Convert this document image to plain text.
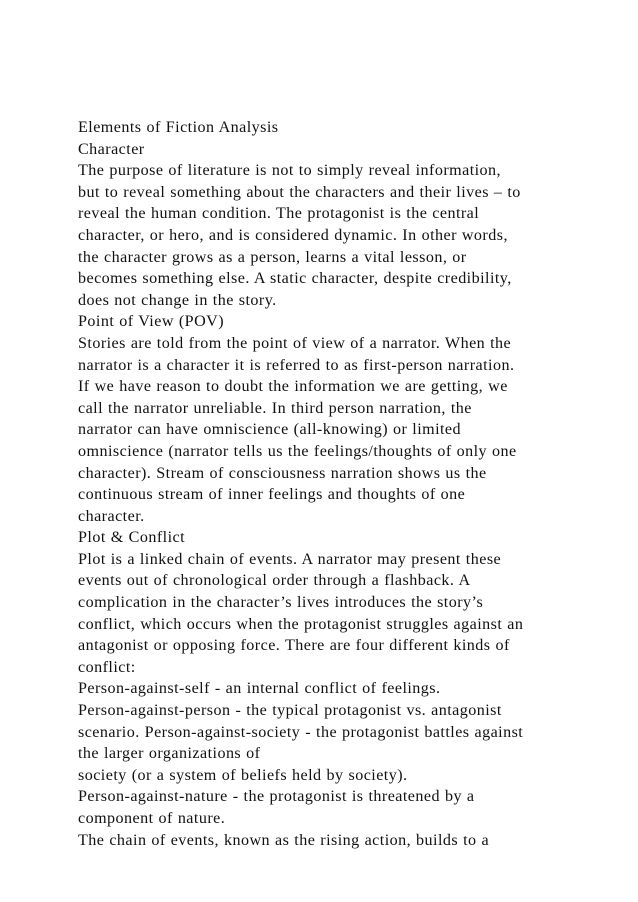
Elements of Fiction Analysis
Character
The purpose of literature is not to simply reveal information,
but to reveal something about the characters and their lives – to
reveal the human condition. The protagonist is the central
character, or hero, and is considered dynamic. In other words,
the character grows as a person, learns a vital lesson, or
becomes something else. A static character, despite credibility,
does not change in the story.
Point of View (POV)
Stories are told from the point of view of a narrator. When the
narrator is a character it is referred to as first-person narration.
If we have reason to doubt the information we are getting, we
call the narrator unreliable. In third person narration, the
narrator can have omniscience (all-knowing) or limited
omniscience (narrator tells us the feelings/thoughts of only one
character). Stream of consciousness narration shows us the
continuous stream of inner feelings and thoughts of one
character.
Plot & Conflict
Plot is a linked chain of events. A narrator may present these
events out of chronological order through a flashback. A
complication in the character’s lives introduces the story’s
conflict, which occurs when the protagonist struggles against an
antagonist or opposing force. There are four different kinds of
conflict:
Person-against-self - an internal conflict of feelings.
Person-against-person - the typical protagonist vs. antagonist
scenario. Person-against-society - the protagonist battles against
the larger organizations of
society (or a system of beliefs held by society).
Person-against-nature - the protagonist is threatened by a
component of nature.
The chain of events, known as the rising action, builds to a
